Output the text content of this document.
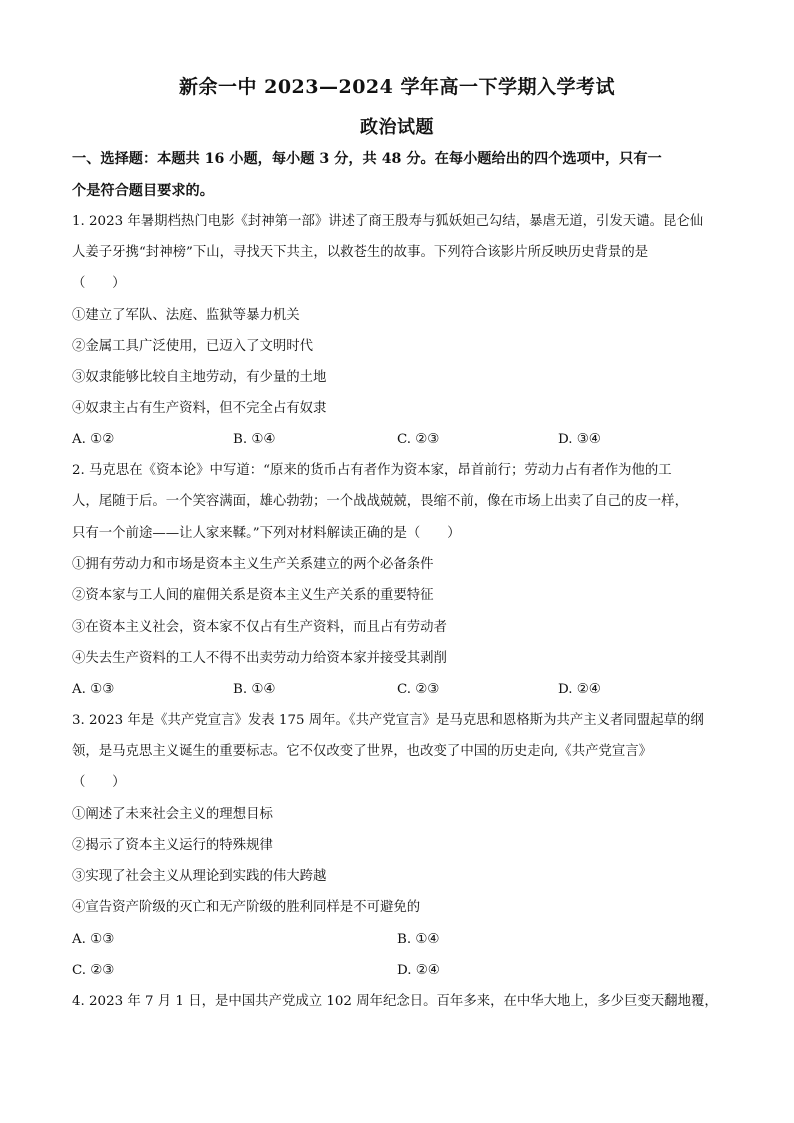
新余一中 2023—2024 学年高一下学期入学考试
政治试题
一、选择题：本题共 16 小题，每小题 3 分，共 48 分。在每小题给出的四个选项中，只有一
个是符合题目要求的。
1. 2023 年暑期档热门电影《封神第一部》讲述了商王殷寿与狐妖妲己勾结，暴虐无道，引发天谴。昆仑仙
人姜子牙携“封神榜”下山，寻找天下共主，以救苍生的故事。下列符合该影片所反映历史背景的是
（　　）
①建立了军队、法庭、监狱等暴力机关
②金属工具广泛使用，已迈入了文明时代
③奴隶能够比较自主地劳动，有少量的土地
④奴隶主占有生产资料，但不完全占有奴隶
A. ①②	B. ①④	C. ②③	D. ③④
2. 马克思在《资本论》中写道：“原来的货币占有者作为资本家，昂首前行；劳动力占有者作为他的工
人，尾随于后。一个笑容满面，雄心勃勃；一个战战兢兢，畏缩不前，像在市场上出卖了自己的皮一样，
只有一个前途——让人家来鞣。”下列对材料解读正确的是（　　）
①拥有劳动力和市场是资本主义生产关系建立的两个必备条件
②资本家与工人间的雇佣关系是资本主义生产关系的重要特征
③在资本主义社会，资本家不仅占有生产资料，而且占有劳动者
④失去生产资料的工人不得不出卖劳动力给资本家并接受其剥削
A. ①③	B. ①④	C. ②③	D. ②④
3. 2023 年是《共产党宣言》发表 175 周年。《共产党宣言》是马克思和恩格斯为共产主义者同盟起草的纲
领，是马克思主义诞生的重要标志。它不仅改变了世界，也改变了中国的历史走向,《共产党宣言》
（　　）
①阐述了未来社会主义的理想目标
②揭示了资本主义运行的特殊规律
③实现了社会主义从理论到实践的伟大跨越
④宣告资产阶级的灭亡和无产阶级的胜利同样是不可避免的
A. ①③	B. ①④
C. ②③	D. ②④
4. 2023 年 7 月 1 日，是中国共产党成立 102 周年纪念日。百年多来，在中华大地上，多少巨变天翻地覆，
